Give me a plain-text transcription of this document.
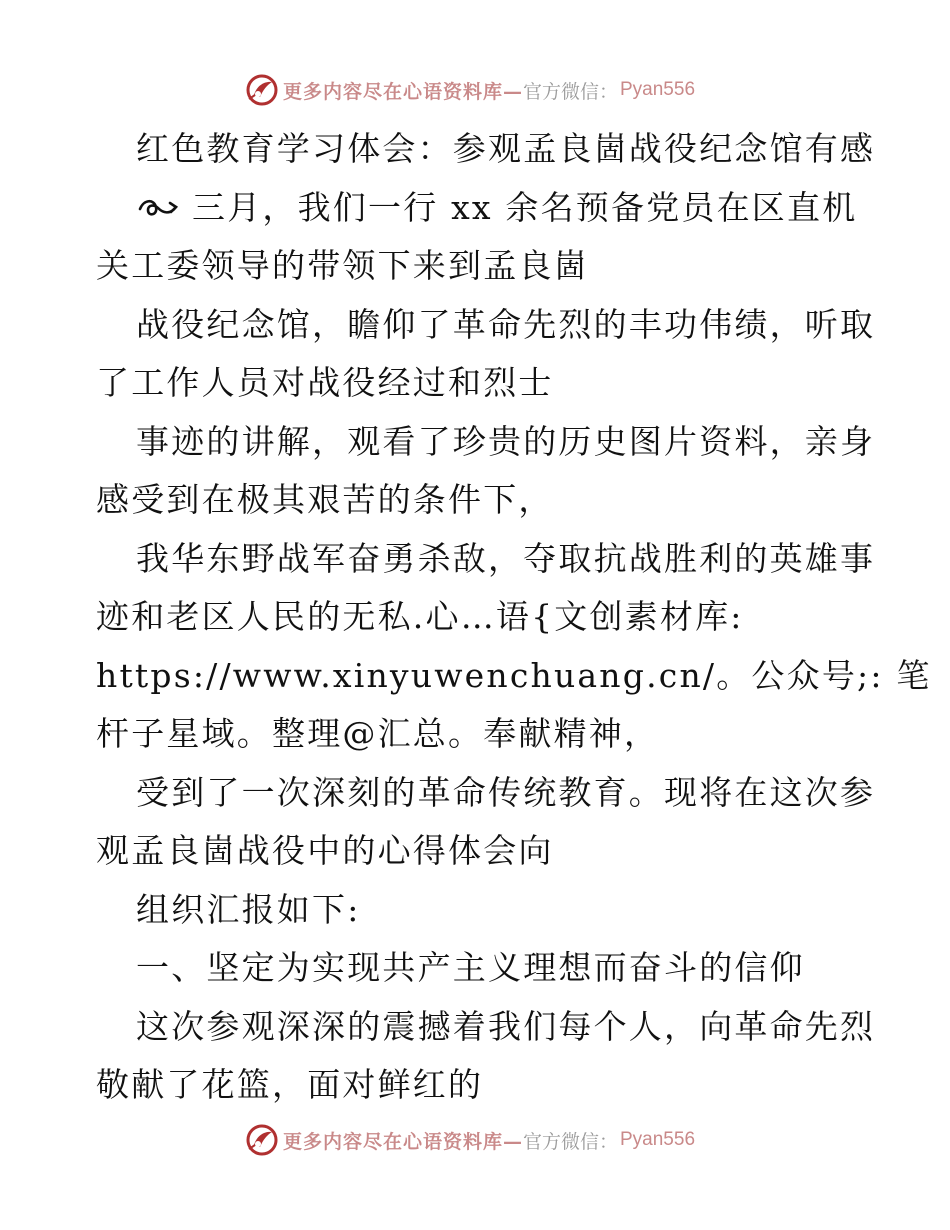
更多内容尽在心语资料库— 官方微信： Pyan556
红色教育学习体会：参观孟良崮战役纪念馆有感
三月，我们一行 xx 余名预备党员在区直机
关工委领导的带领下来到孟良崮
战役纪念馆，瞻仰了革命先烈的丰功伟绩，听取
了工作人员对战役经过和烈士
事迹的讲解，观看了珍贵的历史图片资料，亲身
感受到在极其艰苦的条件下，
我华东野战军奋勇杀敌，夺取抗战胜利的英雄事
迹和老区人民的无私.心…语{文创素材库:
https://www.xinyuwenchuang.cn/。公众号;: 笔
杆子星域。整理@汇总。奉献精神，
受到了一次深刻的革命传统教育。现将在这次参
观孟良崮战役中的心得体会向
组织汇报如下:
一、坚定为实现共产主义理想而奋斗的信仰
这次参观深深的震撼着我们每个人，向革命先烈
敬献了花篮，面对鲜红的
更多内容尽在心语资料库— 官方微信： Pyan556
